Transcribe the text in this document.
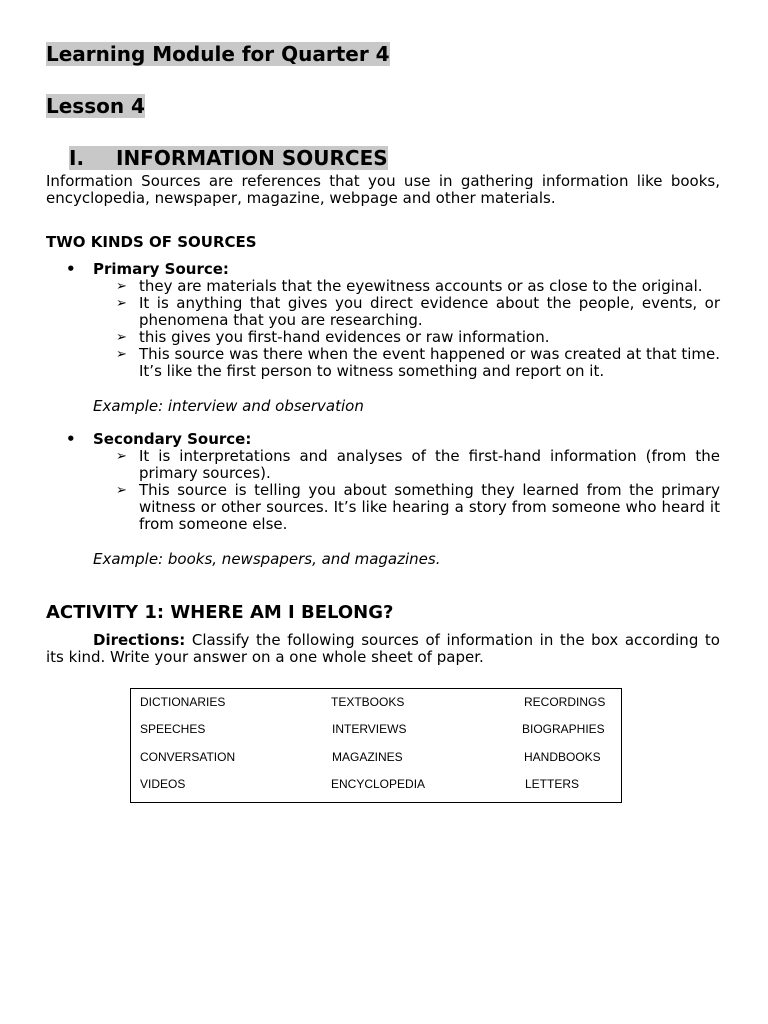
Learning Module for Quarter 4
Lesson 4
I. INFORMATION SOURCES

Information Sources are references that you use in gathering information like books, encyclopedia, newspaper, magazine, webpage and other materials.

TWO KINDS OF SOURCES

• Primary Source:

➢ they are materials that the eyewitness accounts or as close to the original.
➢ It is anything that gives you direct evidence about the people, events, or phenomena that you are researching.
➢ this gives you first-hand evidences or raw information.
➢ This source was there when the event happened or was created at that time. It’s like the first person to witness something and report on it.

Example: interview and observation

• Secondary Source:

➢ It is interpretations and analyses of the first-hand information (from the primary sources).
➢ This source is telling you about something they learned from the primary witness or other sources. It’s like hearing a story from someone who heard it from someone else.

Example: books, newspapers, and magazines.

ACTIVITY 1: WHERE AM I BELONG?

Directions: Classify the following sources of information in the box according to its kind. Write your answer on a one whole sheet of paper.

DICTIONARIES	TEXTBOOKS	RECORDINGS
SPEECHES	INTERVIEWS	BIOGRAPHIES
CONVERSATION	MAGAZINES	HANDBOOKS
VIDEOS	ENCYCLOPEDIA	LETTERS
